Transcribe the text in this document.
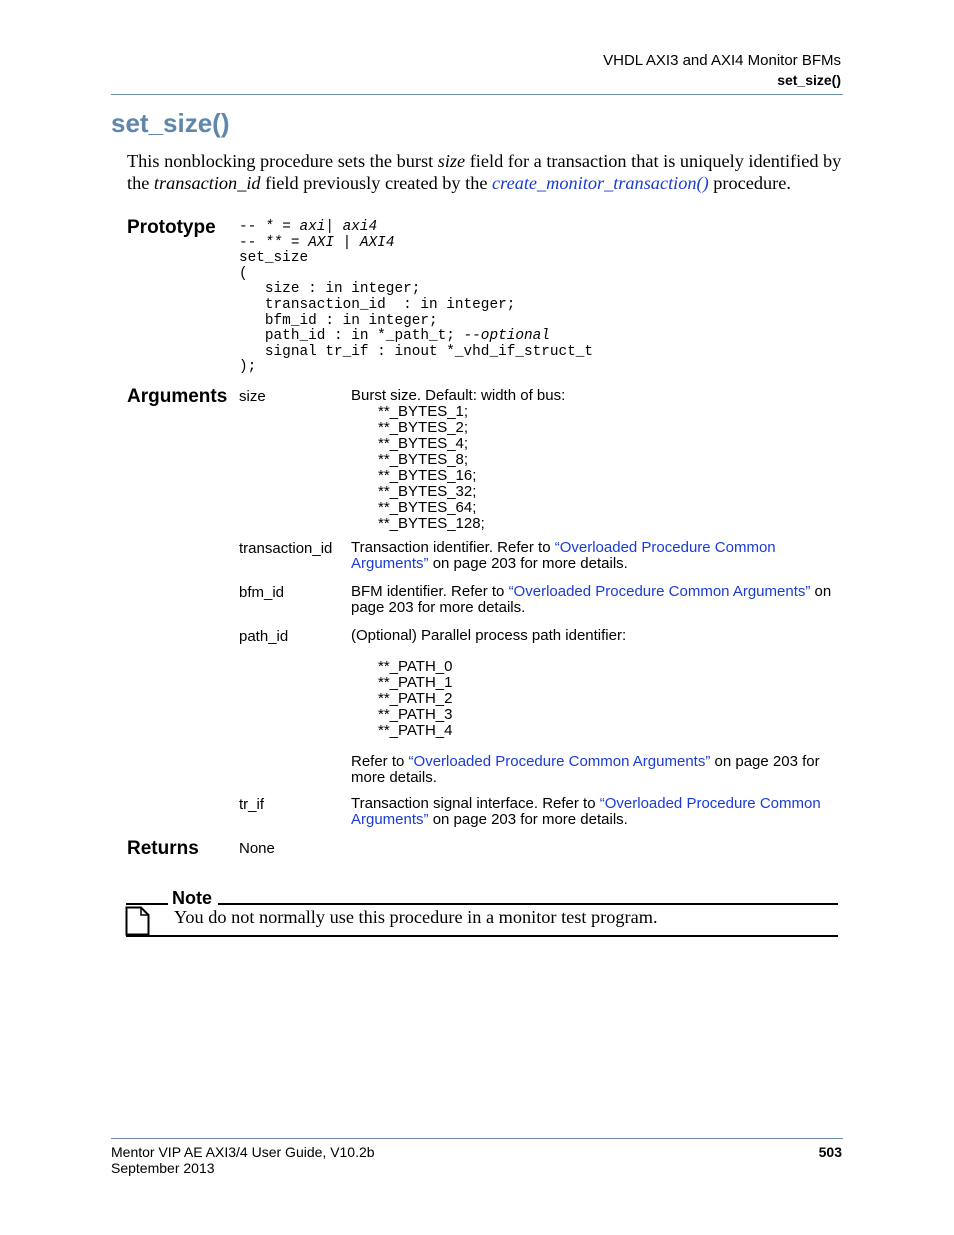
VHDL AXI3 and AXI4 Monitor BFMs
set_size()
set_size()
This nonblocking procedure sets the burst size field for a transaction that is uniquely identified by the transaction_id field previously created by the create_monitor_transaction() procedure.
Prototype -- * = axi| axi4
-- ** = AXI | AXI4
set_size
(
size : in integer;
transaction_id  : in integer;
bfm_id : in integer;
path_id : in *_path_t; --optional
signal tr_if : inout *_vhd_if_struct_t
);
Arguments size	Burst size. Default: width of bus:
**_BYTES_1;
**_BYTES_2;
**_BYTES_4;
**_BYTES_8;
**_BYTES_16;
**_BYTES_32;
**_BYTES_64;
**_BYTES_128;
transaction_id Transaction identifier. Refer to “Overloaded Procedure Common Arguments” on page 203 for more details.
bfm_id	BFM identifier. Refer to “Overloaded Procedure Common Arguments” on page 203 for more details.
path_id	(Optional) Parallel process path identifier:
**_PATH_0
**_PATH_1
**_PATH_2
**_PATH_3
**_PATH_4
Refer to “Overloaded Procedure Common Arguments” on page 203 for more details.
tr_if	Transaction signal interface. Refer to “Overloaded Procedure Common Arguments” on page 203 for more details.
Returns	None
Note
You do not normally use this procedure in a monitor test program.
Mentor VIP AE AXI3/4 User Guide, V10.2b
September 2013
503
